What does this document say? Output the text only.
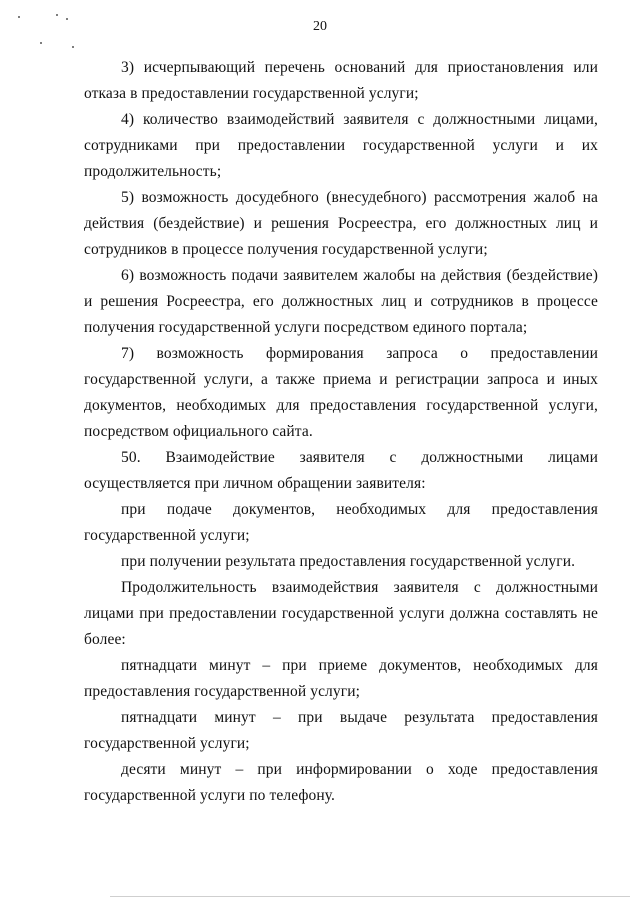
20

3) исчерпывающий перечень оснований для приостановления или отказа в предоставлении государственной услуги;

4) количество взаимодействий заявителя с должностными лицами, сотрудниками при предоставлении государственной услуги и их продолжительность;

5) возможность досудебного (внесудебного) рассмотрения жалоб на действия (бездействие) и решения Росреестра, его должностных лиц и сотрудников в процессе получения государственной услуги;

6) возможность подачи заявителем жалобы на действия (бездействие) и решения Росреестра, его должностных лиц и сотрудников в процессе получения государственной услуги посредством единого портала;

7) возможность формирования запроса о предоставлении государственной услуги, а также приема и регистрации запроса и иных документов, необходимых для предоставления государственной услуги, посредством официального сайта.

50. Взаимодействие заявителя с должностными лицами осуществляется при личном обращении заявителя:

при подаче документов, необходимых для предоставления государственной услуги;

при получении результата предоставления государственной услуги.

Продолжительность взаимодействия заявителя с должностными лицами при предоставлении государственной услуги должна составлять не более:

пятнадцати минут – при приеме документов, необходимых для предоставления государственной услуги;

пятнадцати минут – при выдаче результата предоставления государственной услуги;

десяти минут – при информировании о ходе предоставления государственной услуги по телефону.
